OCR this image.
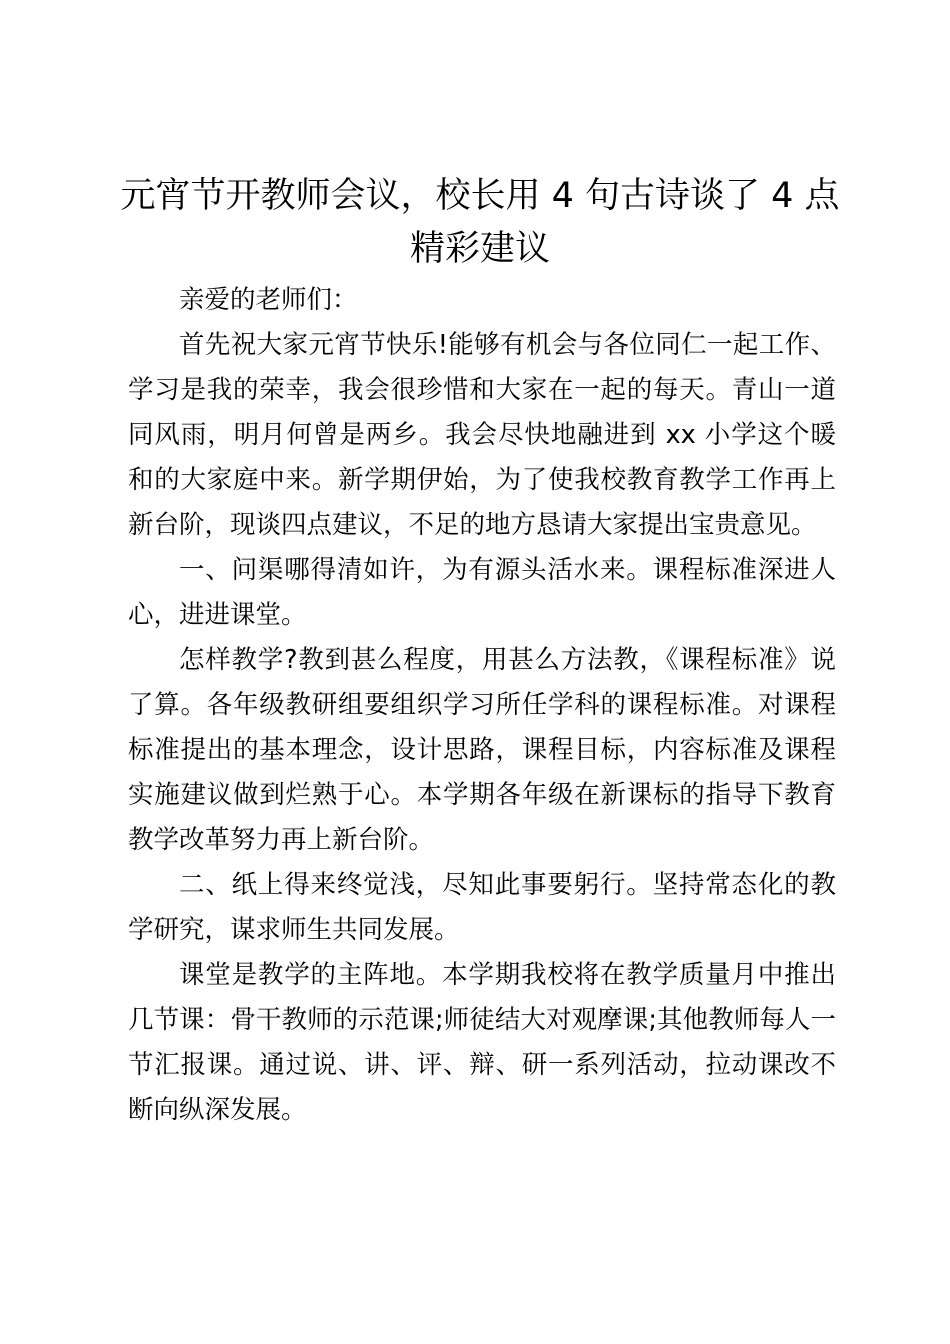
元宵节开教师会议，校长用 4 句古诗谈了 4 点精彩建议

亲爱的老师们：

首先祝大家元宵节快乐!能够有机会与各位同仁一起工作、学习是我的荣幸，我会很珍惜和大家在一起的每天。青山一道同风雨，明月何曾是两乡。我会尽快地融进到 xx 小学这个暖和的大家庭中来。新学期伊始，为了使我校教育教学工作再上新台阶，现谈四点建议，不足的地方恳请大家提出宝贵意见。

一、问渠哪得清如许，为有源头活水来。课程标准深进人心，进进课堂。

怎样教学?教到甚么程度，用甚么方法教，《课程标准》说了算。各年级教研组要组织学习所任学科的课程标准。对课程标准提出的基本理念，设计思路，课程目标，内容标准及课程实施建议做到烂熟于心。本学期各年级在新课标的指导下教育教学改革努力再上新台阶。

二、纸上得来终觉浅，尽知此事要躬行。坚持常态化的教学研究，谋求师生共同发展。

课堂是教学的主阵地。本学期我校将在教学质量月中推出几节课：骨干教师的示范课;师徒结大对观摩课;其他教师每人一节汇报课。通过说、讲、评、辩、研一系列活动，拉动课改不断向纵深发展。
